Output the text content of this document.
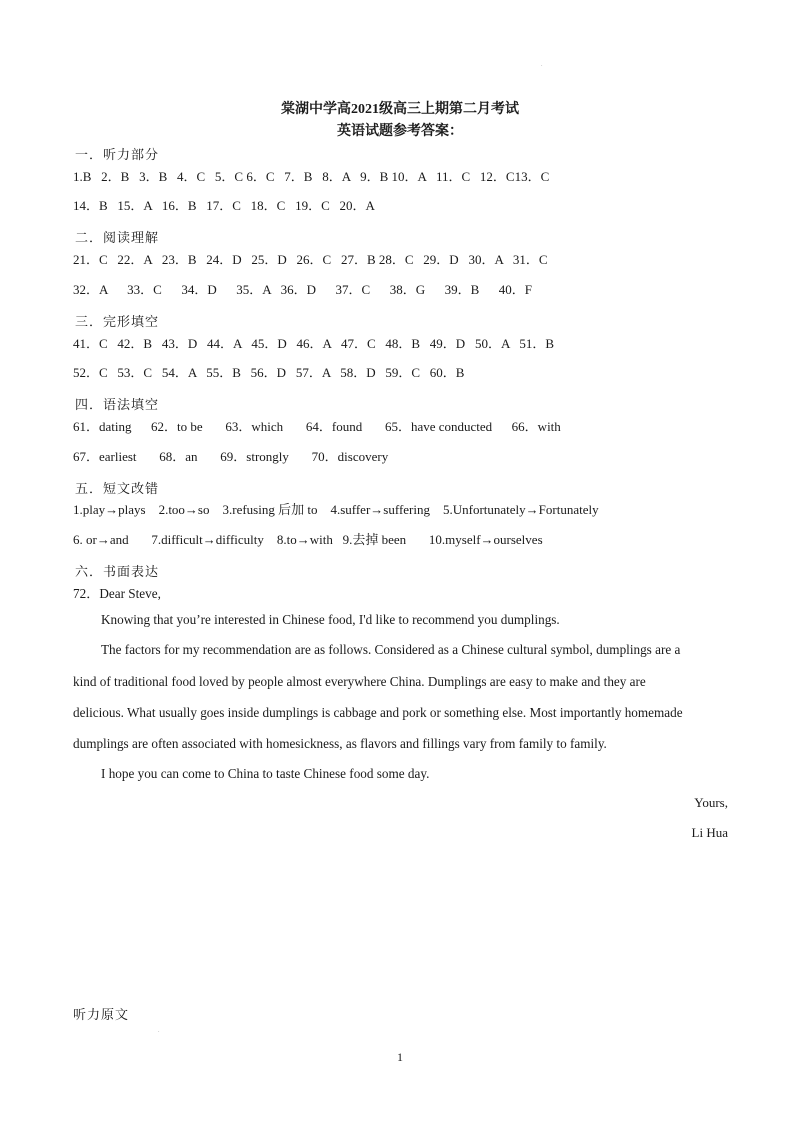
.
棠湖中学高2021级高三上期第二月考试
英语试题参考答案：
一．听力部分
1.B   2．B   3．B   4．C   5．C 6．C   7．B   8．A   9．B 10．A   11．C   12．C13．C
14．B   15．A   16．B   17．C   18．C   19．C   20．A
二．阅读理解
21．C   22．A   23．B   24．D   25．D   26．C   27．B 28．C   29．D   30．A   31．C
32．A      33．C      34．D      35．A   36．D      37．C      38．G      39．B      40．F
三．完形填空
41．C   42．B   43．D   44．A   45．D   46．A   47．C   48．B   49．D   50．A   51．B
52．C   53．C   54．A   55．B   56．D   57．A   58．D   59．C   60．B
四．语法填空
61．dating      62．to be       63．which       64．found       65．have conducted      66．with
67．earliest       68．an       69．strongly       70．discovery
五．短文改错
1.play→plays    2.too→so    3.refusing 后加 to    4.suffer→suffering    5.Unfortunately→Fortunately
6. or→and       7.difficult→difficulty    8.to→with   9.去掉 been       10.myself→ourselves
六．书面表达
72．Dear Steve,
Knowing that you’re interested in Chinese food, I'd like to recommend you dumplings.
The factors for my recommendation are as follows. Considered as a Chinese cultural symbol, dumplings are a
kind of traditional food loved by people almost everywhere China. Dumplings are easy to make and they are
delicious. What usually goes inside dumplings is cabbage and pork or something else. Most importantly homemade
dumplings are often associated with homesickness, as flavors and fillings vary from family to family.
I hope you can come to China to taste Chinese food some day.
Yours,
Li Hua
听力原文
.
1
